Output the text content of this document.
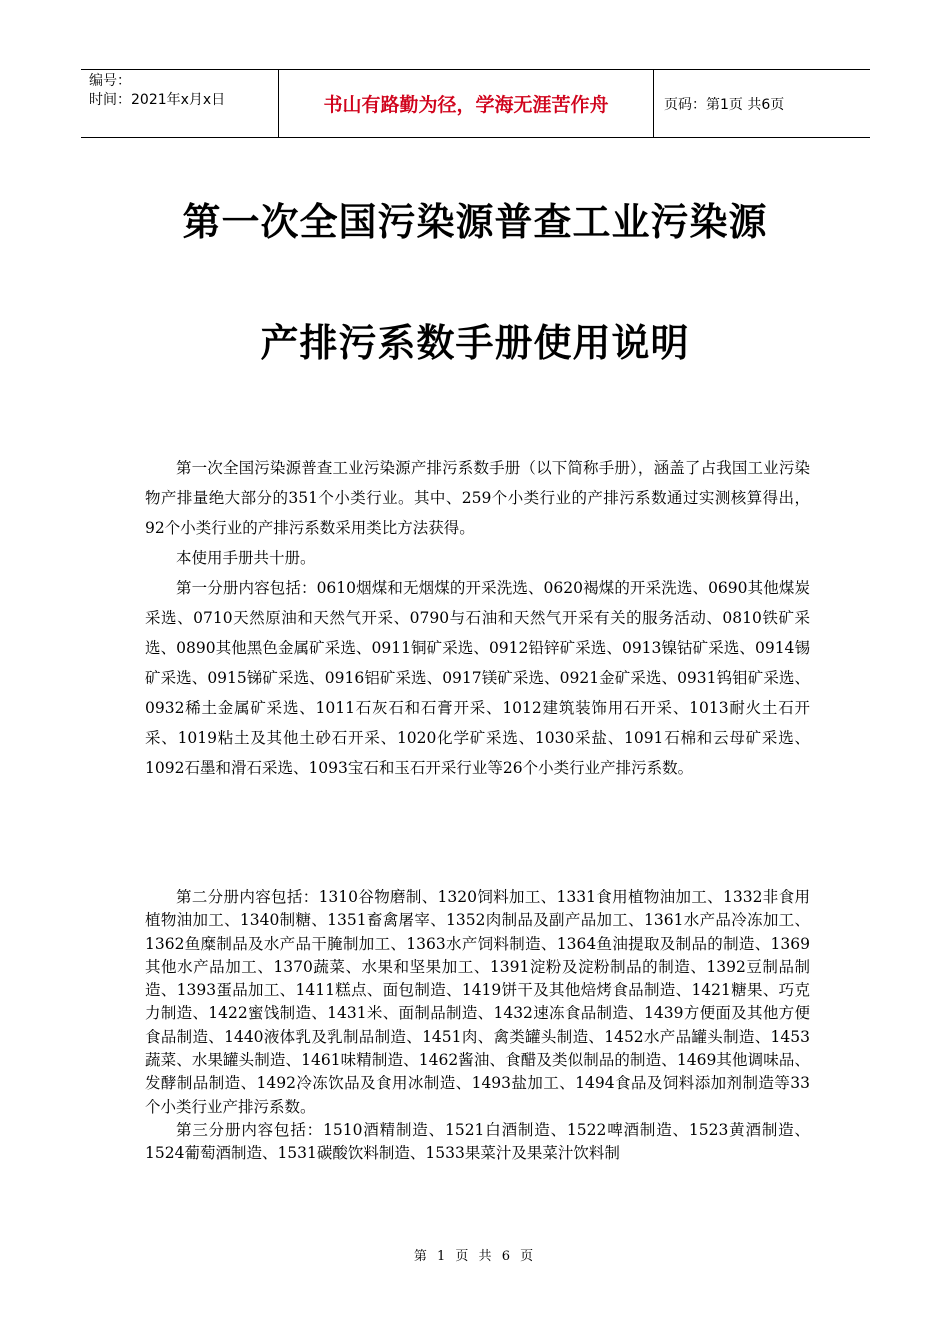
编号：
时间：2021年x月x日	书山有路勤为径，学海无涯苦作舟	页码：第1页 共6页
第一次全国污染源普查工业污染源
产排污系数手册使用说明

第一次全国污染源普查工业污染源产排污系数手册（以下简称手册），涵盖了占我国工业污染物产排量绝大部分的351个小类行业。其中、259个小类行业的产排污系数通过实测核算得出，92个小类行业的产排污系数采用类比方法获得。

本使用手册共十册。

第一分册内容包括：0610烟煤和无烟煤的开采洗选、0620褐煤的开采洗选、0690其他煤炭采选、0710天然原油和天然气开采、0790与石油和天然气开采有关的服务活动、0810铁矿采选、0890其他黑色金属矿采选、0911铜矿采选、0912铅锌矿采选、0913镍钴矿采选、0914锡矿采选、0915锑矿采选、0916铝矿采选、0917镁矿采选、0921金矿采选、0931钨钼矿采选、0932稀土金属矿采选、1011石灰石和石膏开采、1012建筑装饰用石开采、1013耐火土石开采、1019粘土及其他土砂石开采、1020化学矿采选、1030采盐、1091石棉和云母矿采选、1092石墨和滑石采选、1093宝石和玉石开采行业等26个小类行业产排污系数。

第二分册内容包括：1310谷物磨制、1320饲料加工、1331食用植物油加工、1332非食用植物油加工、1340制糖、1351畜禽屠宰、1352肉制品及副产品加工、1361水产品冷冻加工、1362鱼糜制品及水产品干腌制加工、1363水产饲料制造、1364鱼油提取及制品的制造、1369其他水产品加工、1370蔬菜、水果和坚果加工、1391淀粉及淀粉制品的制造、1392豆制品制造、1393蛋品加工、1411糕点、面包制造、1419饼干及其他焙烤食品制造、1421糖果、巧克力制造、1422蜜饯制造、1431米、面制品制造、1432速冻食品制造、1439方便面及其他方便食品制造、1440液体乳及乳制品制造、1451肉、禽类罐头制造、1452水产品罐头制造、1453蔬菜、水果罐头制造、1461味精制造、1462酱油、食醋及类似制品的制造、1469其他调味品、发酵制品制造、1492冷冻饮品及食用冰制造、1493盐加工、1494食品及饲料添加剂制造等33个小类行业产排污系数。

第三分册内容包括：1510酒精制造、1521白酒制造、1522啤酒制造、1523黄酒制造、1524葡萄酒制造、1531碳酸饮料制造、1533果菜汁及果菜汁饮料制

第 1 页 共 6 页
